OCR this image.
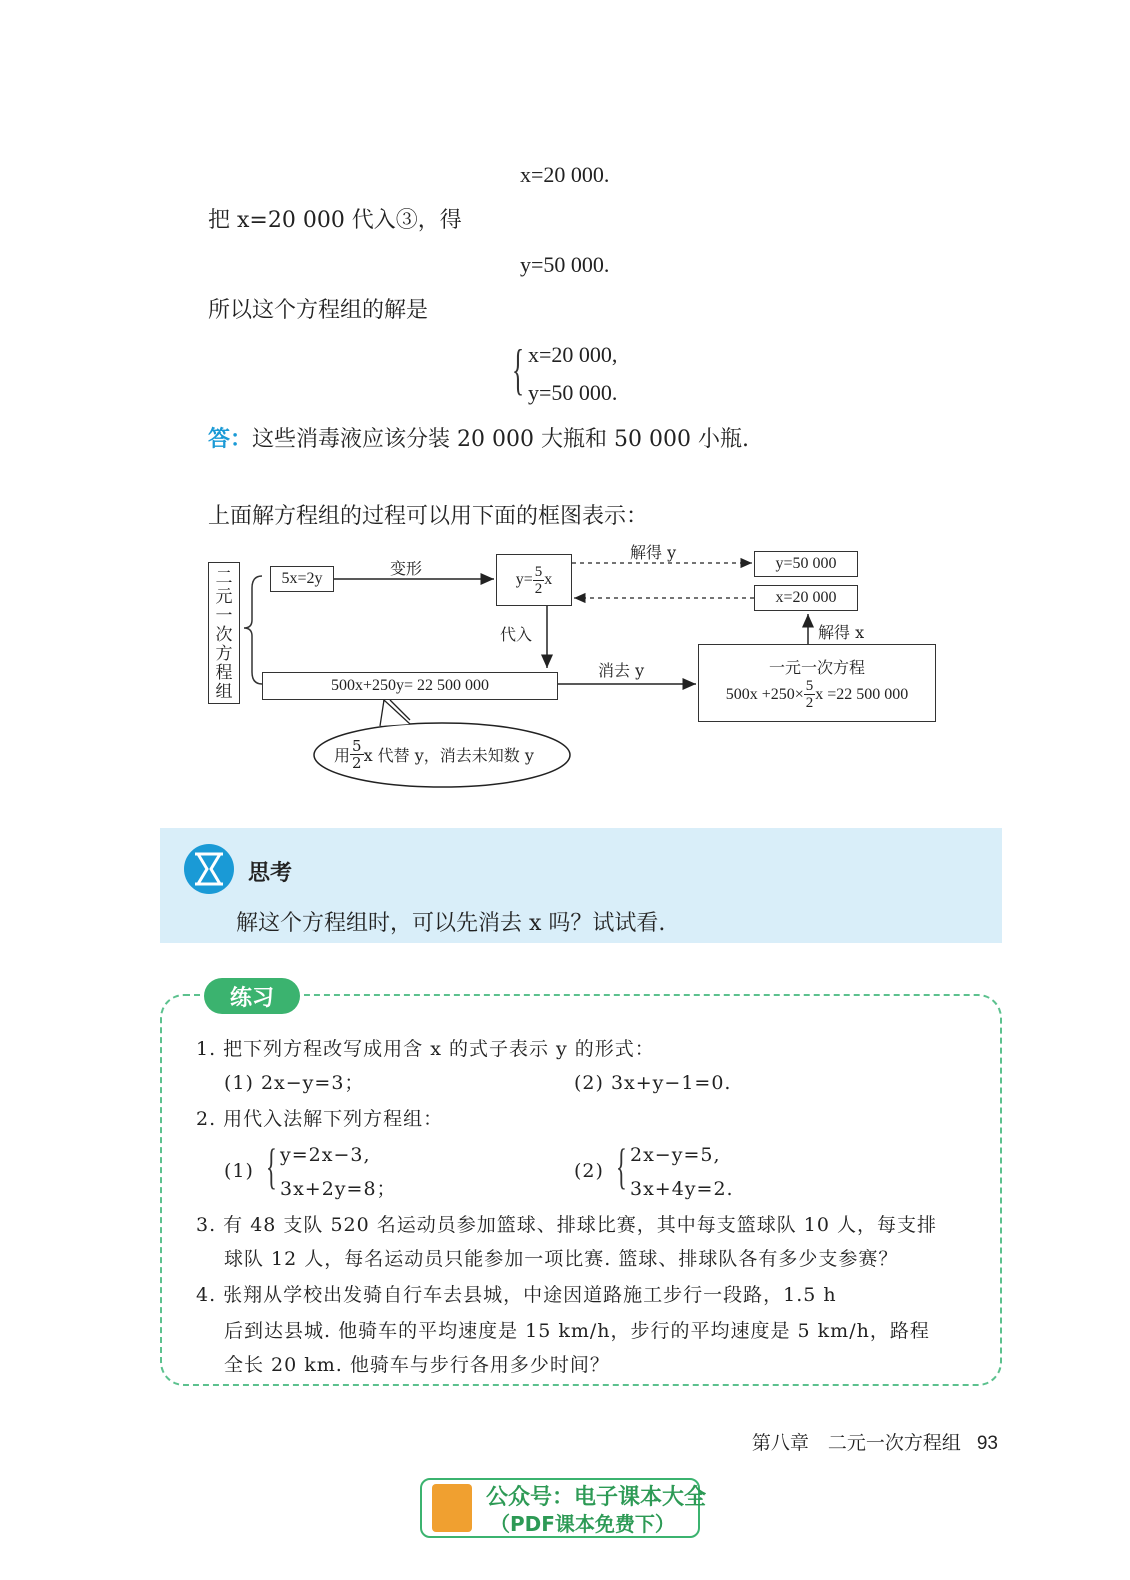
x=20 000.
把 x=20 000 代入③，得
y=50 000.
所以这个方程组的解是
{ x=20 000,
y=50 000.
答：这些消毒液应该分装 20 000 大瓶和 50 000 小瓶.
上面解方程组的过程可以用下面的框图表示：
二元一次方程组
5x=2y
变形
$y= \frac{5}{2}$ x
解得 y
y=50 000
x=20 000
解得 x
代入
500x+250y= 22 500 000
消去 y	一元一次方程
$500x +250\times \frac{5}{2}$ x =22 500 000
用 $\frac{5}{2}$ x 代替 y，消去未知数 y
思考
解这个方程组时，可以先消去 x 吗？试试看.
练习
1. 把下列方程改写成用含 x 的式子表示 y 的形式：
(1) 2x−y=3；	(2) 3x+y−1=0.
2. 用代入法解下列方程组：
(1) { y=2x−3,
3x+2y=8；
(2) { 2x−y=5,
3x+4y=2.
3. 有 48 支队 520 名运动员参加篮球、排球比赛，其中每支篮球队 10 人，每支排
球队 12 人，每名运动员只能参加一项比赛. 篮球、排球队各有多少支参赛？
4. 张翔从学校出发骑自行车去县城，中途因道路施工步行一段路，1.5 h
后到达县城. 他骑车的平均速度是 15 km/h，步行的平均速度是 5 km/h，路程
全长 20 km. 他骑车与步行各用多少时间？
第八章　二元一次方程组 93
公众号：电子课本大全
（PDF课本免费下）
